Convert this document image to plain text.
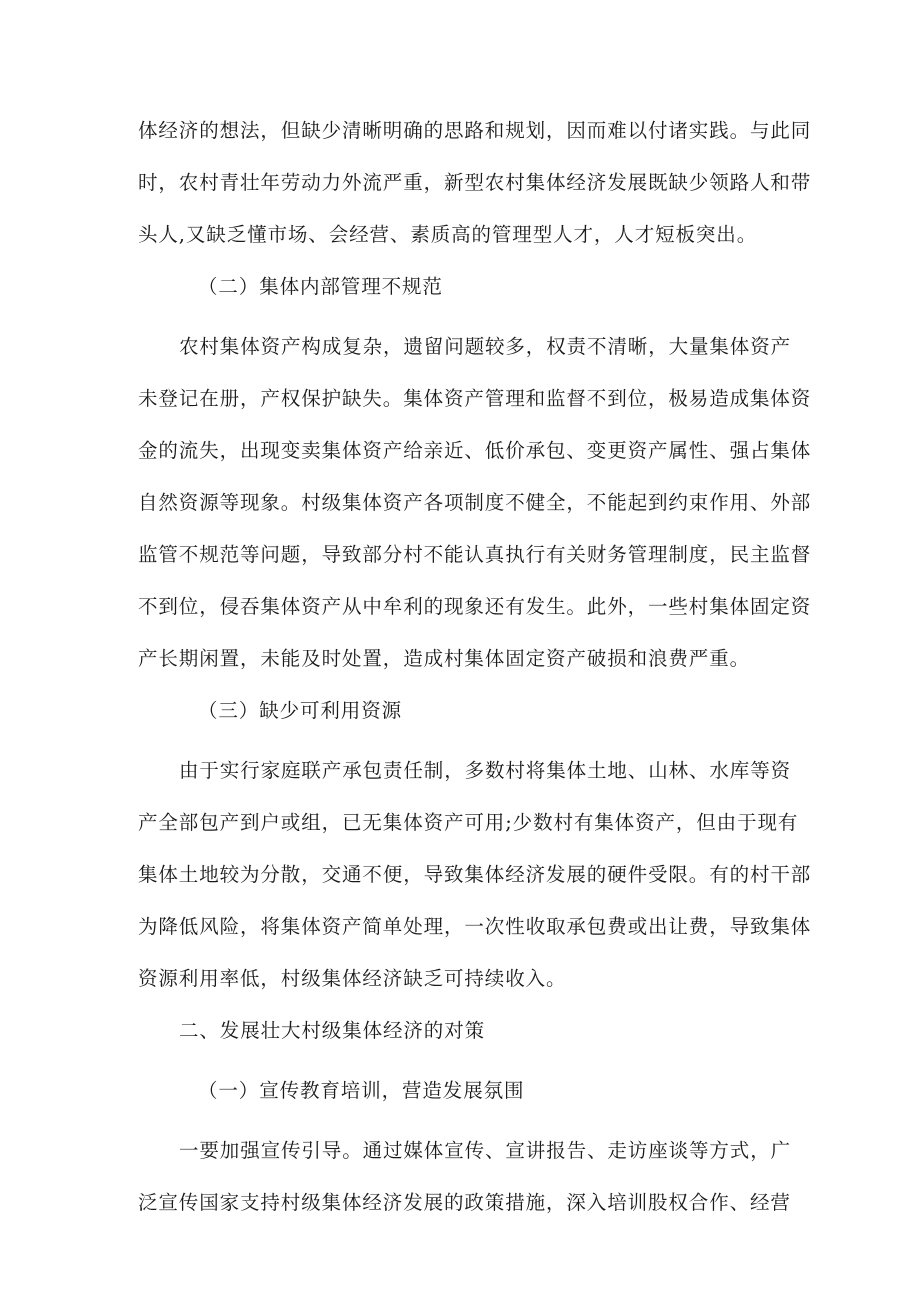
体经济的想法，但缺少清晰明确的思路和规划，因而难以付诸实践。与此同
时，农村青壮年劳动力外流严重，新型农村集体经济发展既缺少领路人和带
头人,又缺乏懂市场、会经营、素质高的管理型人才，人才短板突出。
（二）集体内部管理不规范
农村集体资产构成复杂，遗留问题较多，权责不清晰，大量集体资产
未登记在册，产权保护缺失。集体资产管理和监督不到位，极易造成集体资
金的流失，出现变卖集体资产给亲近、低价承包、变更资产属性、强占集体
自然资源等现象。村级集体资产各项制度不健全，不能起到约束作用、外部
监管不规范等问题，导致部分村不能认真执行有关财务管理制度，民主监督
不到位，侵吞集体资产从中牟利的现象还有发生。此外，一些村集体固定资
产长期闲置，未能及时处置，造成村集体固定资产破损和浪费严重。
（三）缺少可利用资源
由于实行家庭联产承包责任制，多数村将集体土地、山林、水库等资
产全部包产到户或组，已无集体资产可用;少数村有集体资产，但由于现有
集体土地较为分散，交通不便，导致集体经济发展的硬件受限。有的村干部
为降低风险，将集体资产简单处理，一次性收取承包费或出让费，导致集体
资源利用率低，村级集体经济缺乏可持续收入。
二、发展壮大村级集体经济的对策
（一）宣传教育培训，营造发展氛围
一要加强宣传引导。通过媒体宣传、宣讲报告、走访座谈等方式，广
泛宣传国家支持村级集体经济发展的政策措施，深入培训股权合作、经营
